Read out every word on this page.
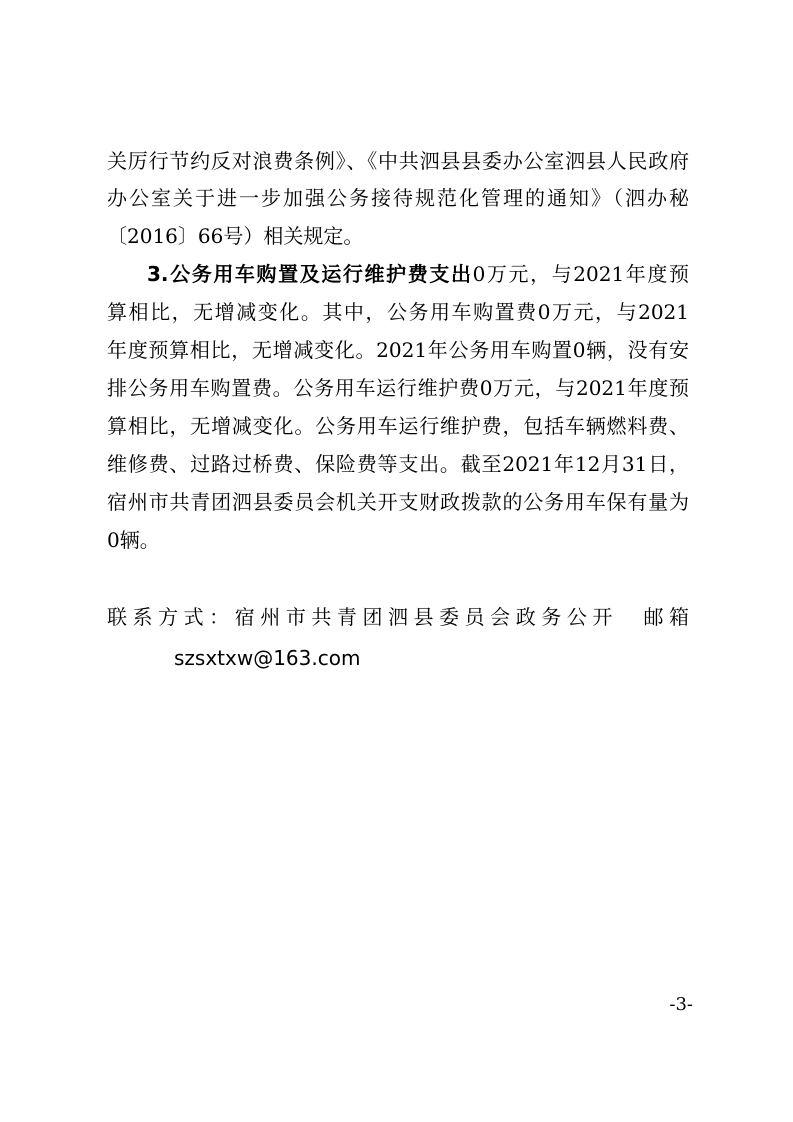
关厉行节约反对浪费条例》、《中共泗县县委办公室泗县人民政府
办公室关于进一步加强公务接待规范化管理的通知》（泗办秘
〔2016〕66号）相关规定。
3.公务用车购置及运行维护费支出0万元，与2021年度预
算相比，无增减变化。其中，公务用车购置费0万元，与2021
年度预算相比，无增减变化。2021年公务用车购置0辆，没有安
排公务用车购置费。公务用车运行维护费0万元，与2021年度预
算相比，无增减变化。公务用车运行维护费，包括车辆燃料费、
维修费、过路过桥费、保险费等支出。截至2021年12月31日，
宿州市共青团泗县委员会机关开支财政拨款的公务用车保有量为
0辆。
联系方式：宿州市共青团泗县委员会政务公开　邮箱
szsxtxw@163.com
-3-
